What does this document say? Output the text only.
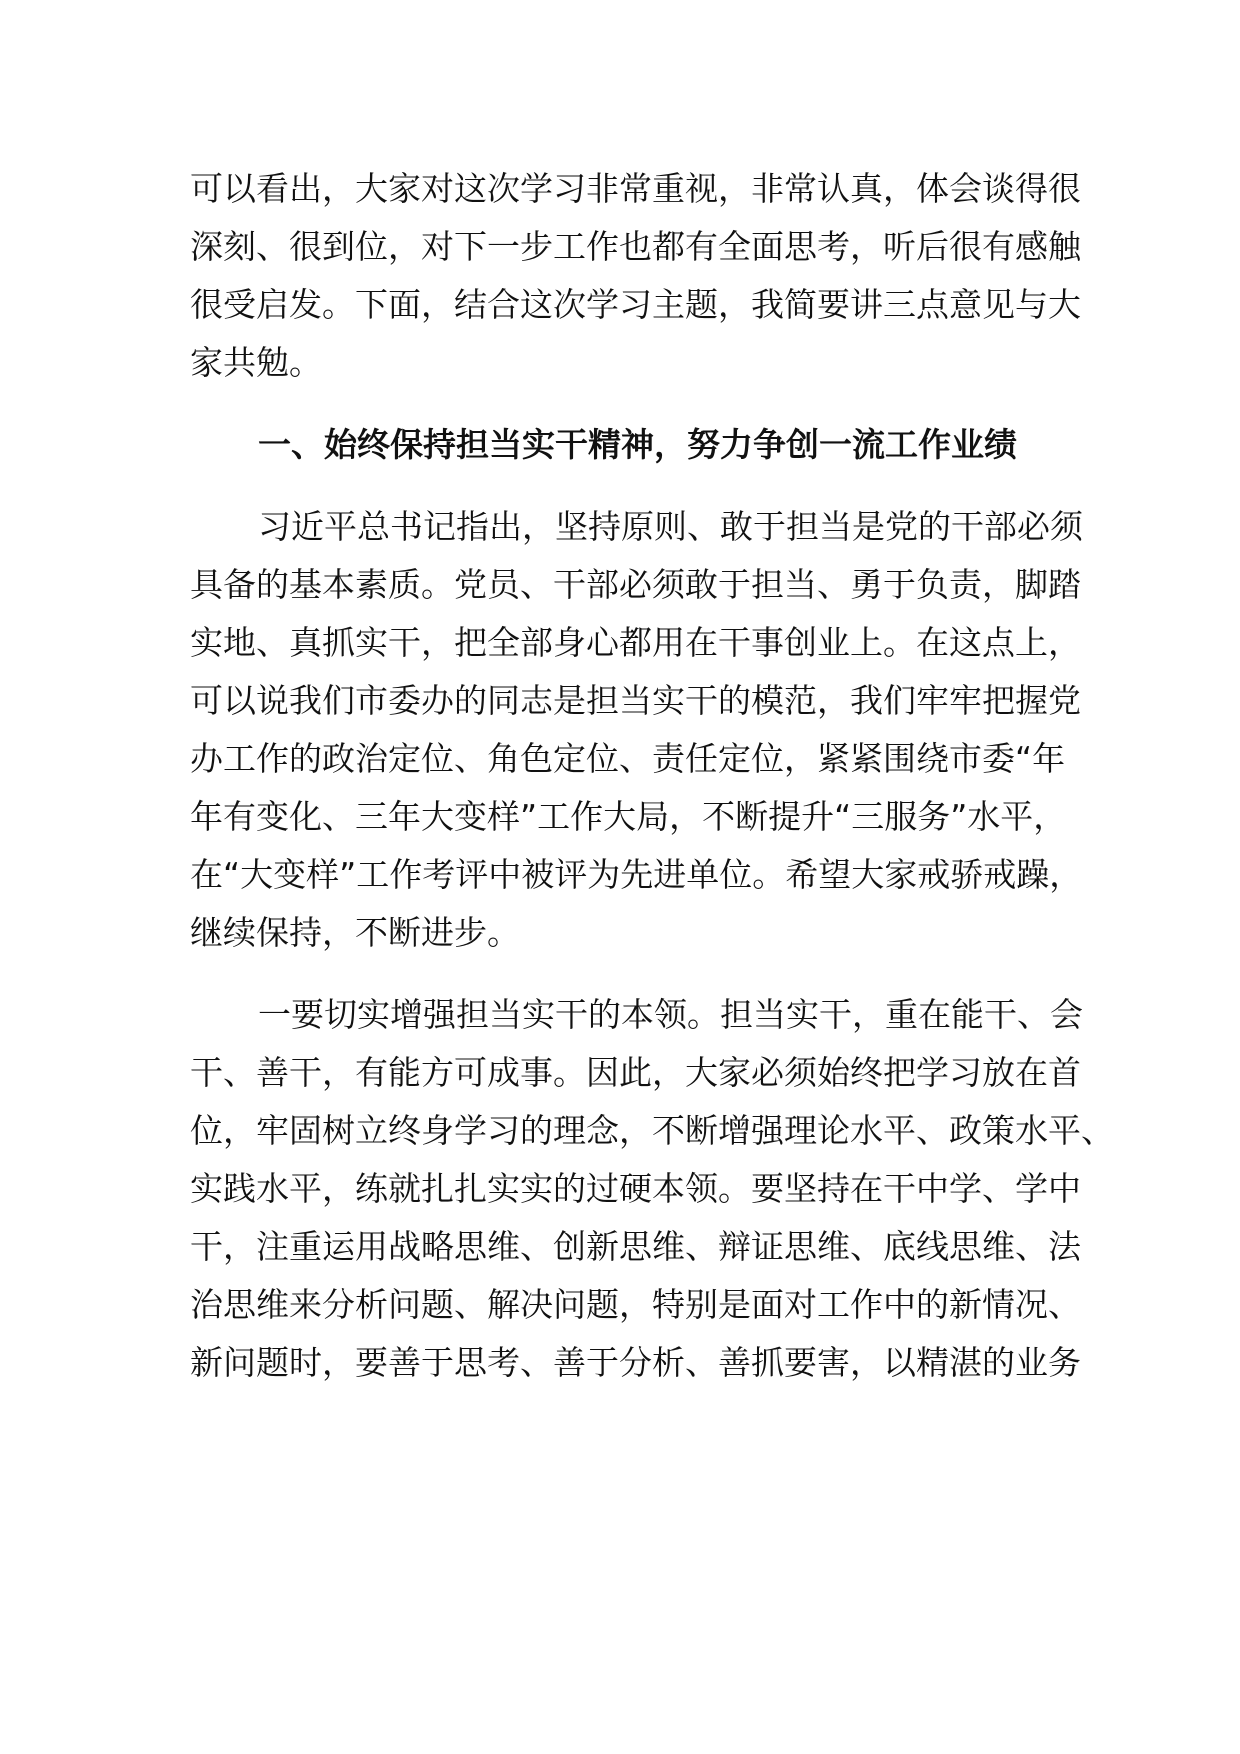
可以看出，大家对这次学习非常重视，非常认真，体会谈得很
深刻、很到位，对下一步工作也都有全面思考，听后很有感触
很受启发。下面，结合这次学习主题，我简要讲三点意见与大
家共勉。
一、始终保持担当实干精神，努力争创一流工作业绩
习近平总书记指出，坚持原则、敢于担当是党的干部必须
具备的基本素质。党员、干部必须敢于担当、勇于负责，脚踏
实地、真抓实干，把全部身心都用在干事创业上。在这点上，
可以说我们市委办的同志是担当实干的模范，我们牢牢把握党
办工作的政治定位、角色定位、责任定位，紧紧围绕市委“年
年有变化、三年大变样”工作大局，不断提升“三服务”水平，
在“大变样”工作考评中被评为先进单位。希望大家戒骄戒躁，
继续保持，不断进步。
一要切实增强担当实干的本领。担当实干，重在能干、会
干、善干，有能方可成事。因此，大家必须始终把学习放在首
位，牢固树立终身学习的理念，不断增强理论水平、政策水平、
实践水平，练就扎扎实实的过硬本领。要坚持在干中学、学中
干，注重运用战略思维、创新思维、辩证思维、底线思维、法
治思维来分析问题、解决问题，特别是面对工作中的新情况、
新问题时，要善于思考、善于分析、善抓要害，以精湛的业务
